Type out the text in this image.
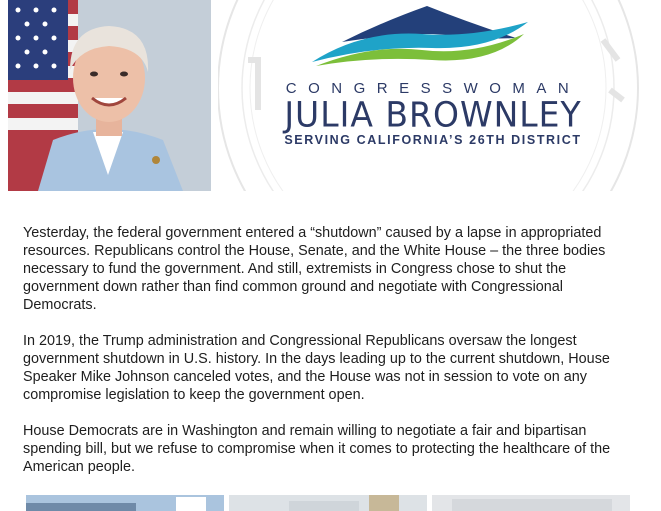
CONGRESSWOMAN
JULIA BROWNLEY
SERVING CALIFORNIA’S 26TH DISTRICT

Yesterday, the federal government entered a “shutdown” caused by a lapse in appropriated resources. Republicans control the House, Senate, and the White House – the three bodies necessary to fund the government. And still, extremists in Congress chose to shut the government down rather than find common ground and negotiate with Congressional Democrats.

In 2019, the Trump administration and Congressional Republicans oversaw the longest government shutdown in U.S. history. In the days leading up to the current shutdown, House Speaker Mike Johnson canceled votes, and the House was not in session to vote on any compromise legislation to keep the government open.

House Democrats are in Washington and remain willing to negotiate a fair and bipartisan spending bill, but we refuse to compromise when it comes to protecting the healthcare of the American people.
